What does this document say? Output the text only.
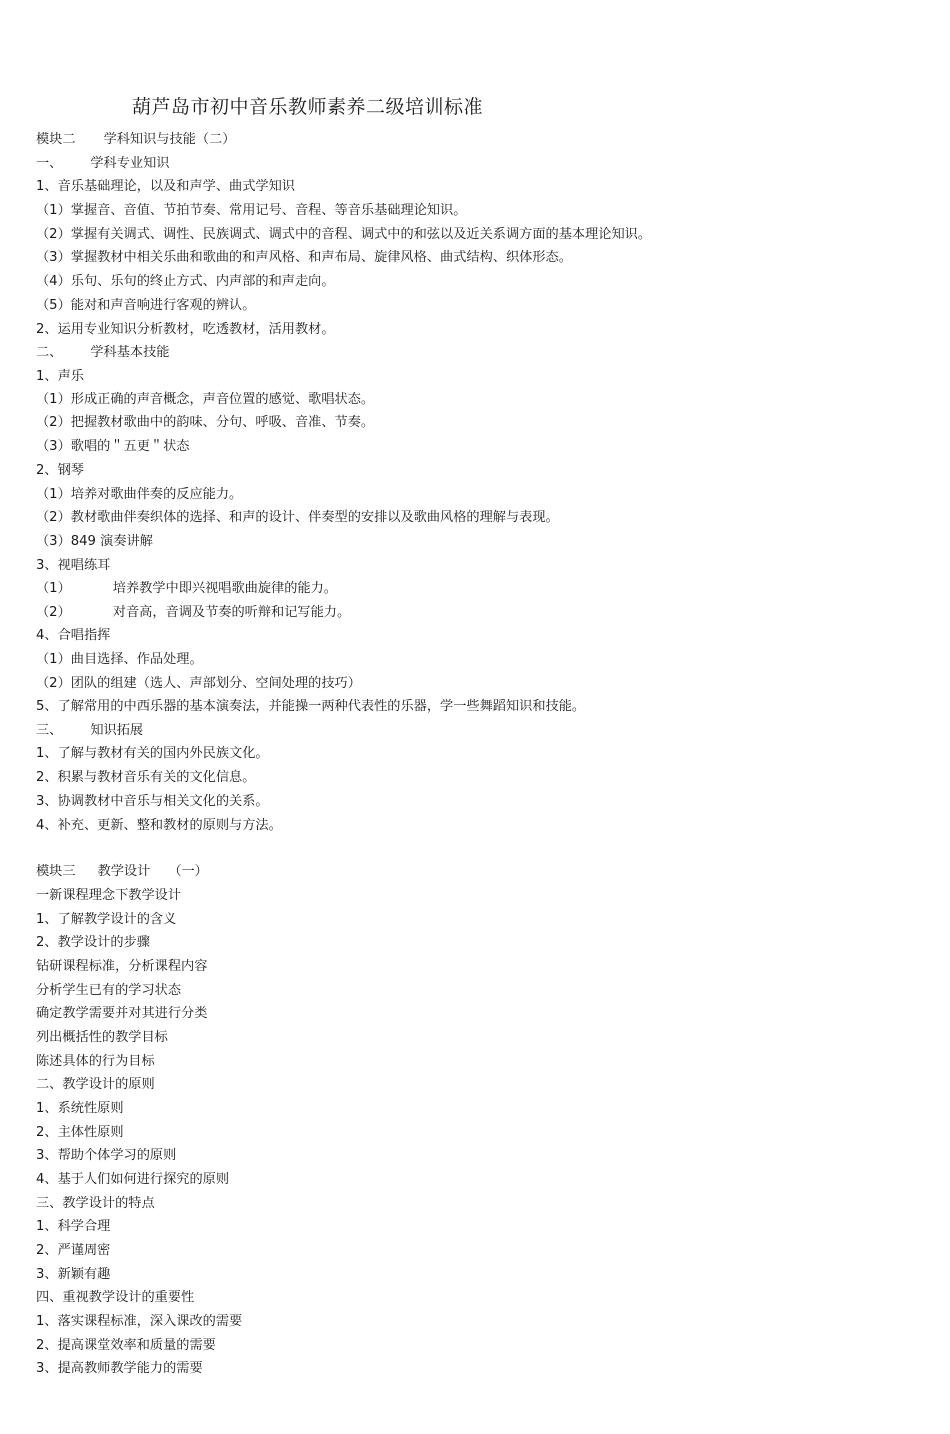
葫芦岛市初中音乐教师素养二级培训标准
模块二 学科知识与技能（二）
一、 学科专业知识
1、音乐基础理论，以及和声学、曲式学知识
（1）掌握音、音值、节拍节奏、常用记号、音程、等音乐基础理论知识。
（2）掌握有关调式、调性、民族调式、调式中的音程、调式中的和弦以及近关系调方面的基本理论知识。
（3）掌握教材中相关乐曲和歌曲的和声风格、和声布局、旋律风格、曲式结构、织体形态。
（4）乐句、乐句的终止方式、内声部的和声走向。
（5）能对和声音响进行客观的辨认。
2、运用专业知识分析教材，吃透教材，活用教材。
二、 学科基本技能
1、声乐
（1）形成正确的声音概念，声音位置的感觉、歌唱状态。
（2）把握教材歌曲中的韵味、分句、呼吸、音准、节奏。
（3）歌唱的＂五更＂状态
2、钢琴
（1）培养对歌曲伴奏的反应能力。
（2）教材歌曲伴奏织体的选择、和声的设计、伴奏型的安排以及歌曲风格的理解与表现。
（3）849 演奏讲解
3、视唱练耳
（1）	培养教学中即兴视唱歌曲旋律的能力。
（2）	对音高，音调及节奏的听辩和记写能力。
4、合唱指挥
（1）曲目选择、作品处理。
（2）团队的组建（选人、声部划分、空间处理的技巧）
5、了解常用的中西乐器的基本演奏法，并能操一两种代表性的乐器，学一些舞蹈知识和技能。
三、 知识拓展
1、了解与教材有关的国内外民族文化。
2、积累与教材音乐有关的文化信息。
3、协调教材中音乐与相关文化的关系。
4、补充、更新、整和教材的原则与方法。
模块三 教学设计 （一）
一新课程理念下教学设计
1、了解教学设计的含义
2、教学设计的步骤
钻研课程标准，分析课程内容
分析学生已有的学习状态
确定教学需要并对其进行分类
列出概括性的教学目标
陈述具体的行为目标
二、教学设计的原则
1、系统性原则
2、主体性原则
3、帮助个体学习的原则
4、基于人们如何进行探究的原则
三、教学设计的特点
1、科学合理
2、严谨周密
3、新颖有趣
四、重视教学设计的重要性
1、落实课程标准，深入课改的需要
2、提高课堂效率和质量的需要
3、提高教师教学能力的需要
